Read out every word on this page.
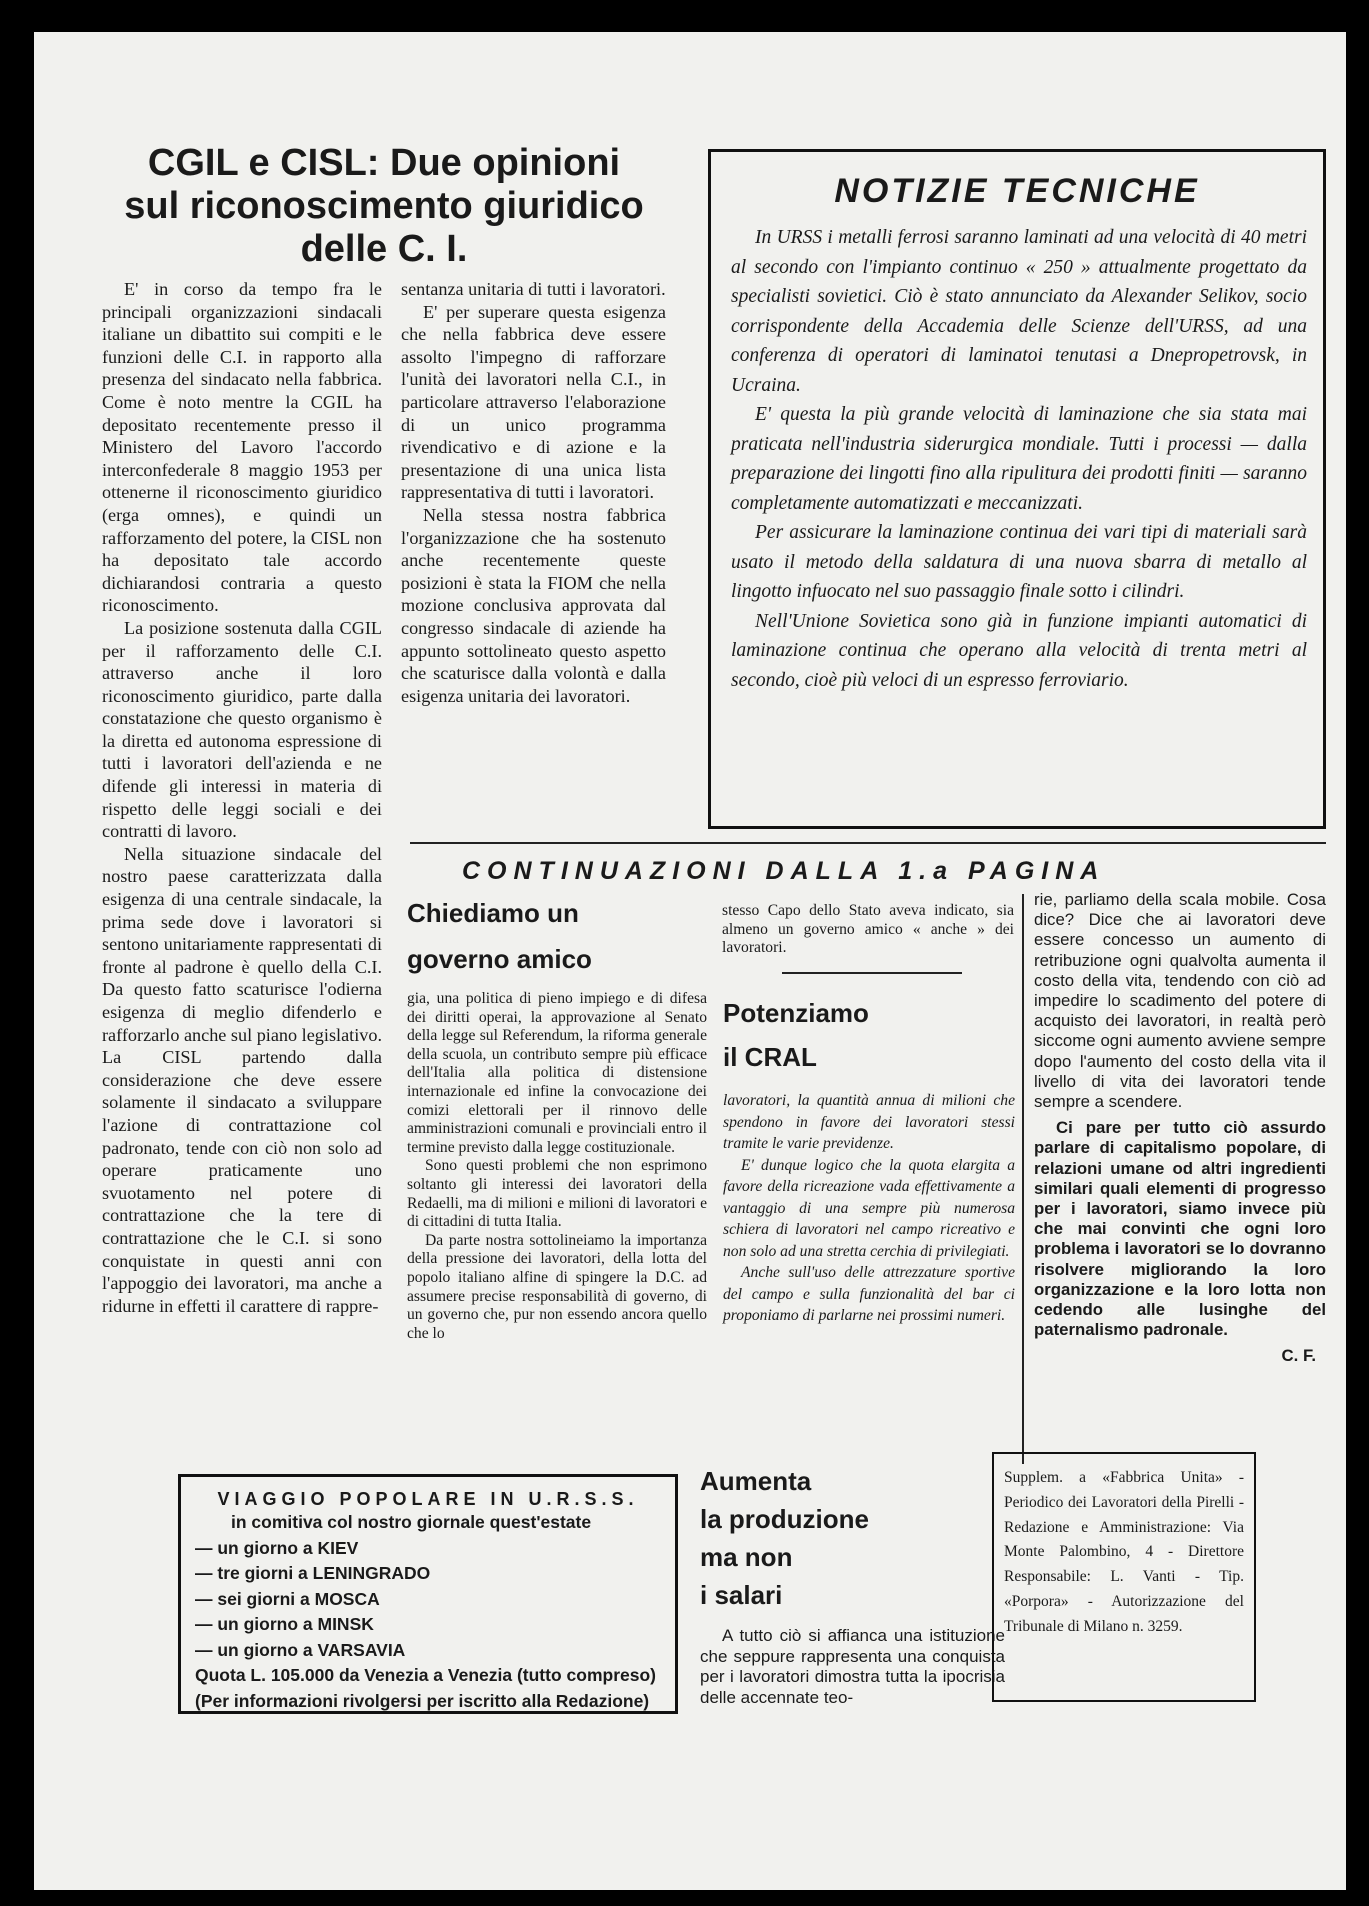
CGIL e CISL: Due opinioni
sul riconoscimento giuridico
delle C. I.

E' in corso da tempo fra le principali organizzazioni sindacali italiane un dibattito sui compiti e le funzioni delle C.I. in rapporto alla presenza del sindacato nella fabbrica. Come è noto mentre la CGIL ha depositato recentemente presso il Ministero del Lavoro l'accordo interconfederale 8 maggio 1953 per ottenerne il riconoscimento giuridico (erga omnes), e quindi un rafforzamento del potere, la CISL non ha depositato tale accordo dichiarandosi contraria a questo riconoscimento.

La posizione sostenuta dalla CGIL per il rafforzamento delle C.I. attraverso anche il loro riconoscimento giuridico, parte dalla constatazione che questo organismo è la diretta ed autonoma espressione di tutti i lavoratori dell'azienda e ne difende gli interessi in materia di rispetto delle leggi sociali e dei contratti di lavoro.

Nella situazione sindacale del nostro paese caratterizzata dalla esigenza di una centrale sindacale, la prima sede dove i lavoratori si sentono unitariamente rappresentati di fronte al padrone è quello della C.I. Da questo fatto scaturisce l'odierna esigenza di meglio difenderlo e rafforzarlo anche sul piano legislativo. La CISL partendo dalla considerazione che deve essere solamente il sindacato a sviluppare l'azione di contrattazione col padronato, tende con ciò non solo ad operare praticamente uno svuotamento nel potere di contrattazione che la tere di contrattazione che le C.I. si sono conquistate in questi anni con l'appoggio dei lavoratori, ma anche a ridurne in effetti il carattere di rappre-

sentanza unitaria di tutti i lavoratori.

E' per superare questa esigenza che nella fabbrica deve essere assolto l'impegno di rafforzare l'unità dei lavoratori nella C.I., in particolare attraverso l'elaborazione di un unico programma rivendicativo e di azione e la presentazione di una unica lista rappresentativa di tutti i lavoratori.

Nella stessa nostra fabbrica l'organizzazione che ha sostenuto anche recentemente queste posizioni è stata la FIOM che nella mozione conclusiva approvata dal congresso sindacale di aziende ha appunto sottolineato questo aspetto che scaturisce dalla volontà e dalla esigenza unitaria dei lavoratori.

NOTIZIE TECNICHE

In URSS i metalli ferrosi saranno laminati ad una velocità di 40 metri al secondo con l'impianto continuo « 250 » attualmente progettato da specialisti sovietici. Ciò è stato annunciato da Alexander Selikov, socio corrispondente della Accademia delle Scienze dell'URSS, ad una conferenza di operatori di laminatoi tenutasi a Dnepropetrovsk, in Ucraina.

E' questa la più grande velocità di laminazione che sia stata mai praticata nell'industria siderurgica mondiale. Tutti i processi — dalla preparazione dei lingotti fino alla ripulitura dei prodotti finiti — saranno completamente automatizzati e meccanizzati.

Per assicurare la laminazione continua dei vari tipi di materiali sarà usato il metodo della saldatura di una nuova sbarra di metallo al lingotto infuocato nel suo passaggio finale sotto i cilindri.

Nell'Unione Sovietica sono già in funzione impianti automatici di laminazione continua che operano alla velocità di trenta metri al secondo, cioè più veloci di un espresso ferroviario.

CONTINUAZIONI DALLA 1.a PAGINA
Chiediamo un
governo amico

gia, una politica di pieno impiego e di difesa dei diritti operai, la approvazione al Senato della legge sul Referendum, la riforma generale della scuola, un contributo sempre più efficace dell'Italia alla politica di distensione internazionale ed infine la convocazione dei comizi elettorali per il rinnovo delle amministrazioni comunali e provinciali entro il termine previsto dalla legge costituzionale.

Sono questi problemi che non esprimono soltanto gli interessi dei lavoratori della Redaelli, ma di milioni e milioni di lavoratori e di cittadini di tutta Italia.

Da parte nostra sottolineiamo la importanza della pressione dei lavoratori, della lotta del popolo italiano alfine di spingere la D.C. ad assumere precise responsabilità di governo, di un governo che, pur non essendo ancora quello che lo

stesso Capo dello Stato aveva indicato, sia almeno un governo amico « anche » dei lavoratori.
Potenziamo
il CRAL

lavoratori, la quantità annua di milioni che spendono in favore dei lavoratori stessi tramite le varie previdenze.

E' dunque logico che la quota elargita a favore della ricreazione vada effettivamente a vantaggio di una sempre più numerosa schiera di lavoratori nel campo ricreativo e non solo ad una stretta cerchia di privilegiati.

Anche sull'uso delle attrezzature sportive del campo e sulla funzionalità del bar ci proponiamo di parlarne nei prossimi numeri.

rie, parliamo della scala mobile. Cosa dice? Dice che ai lavoratori deve essere concesso un aumento di retribuzione ogni qualvolta aumenta il costo della vita, tendendo con ciò ad impedire lo scadimento del potere di acquisto dei lavoratori, in realtà però siccome ogni aumento avviene sempre dopo l'aumento del costo della vita il livello di vita dei lavoratori tende sempre a scendere.

Ci pare per tutto ciò assurdo parlare di capitalismo popolare, di relazioni umane od altri ingredienti similari quali elementi di progresso per i lavoratori, siamo invece più che mai convinti che ogni loro problema i lavoratori se lo dovranno risolvere migliorando la loro organizzazione e la loro lotta non cedendo alle lusinghe del paternalismo padronale.

C. F.
Aumenta
la produzione
ma non
i salari
A tutto ciò si affianca una istituzione che seppure rappresenta una conquista per i lavoratori dimostra tutta la ipocrisia delle accennate teo-
VIAGGIO POPOLARE IN U.R.S.S.
in comitiva col nostro giornale quest'estate
— un giorno a KIEV
— tre giorni a LENINGRADO
— sei giorni a MOSCA
— un giorno a MINSK
— un giorno a VARSAVIA
Quota L. 105.000 da Venezia a Venezia (tutto compreso)
(Per informazioni rivolgersi per iscritto alla Redazione)
Supplem. a «Fabbrica Unita» - Periodico dei Lavoratori della Pirelli - Redazione e Amministrazione: Via Monte Palombino, 4 - Direttore Responsabile: L. Vanti - Tip. «Porpora» - Autorizzazione del Tribunale di Milano n. 3259.
